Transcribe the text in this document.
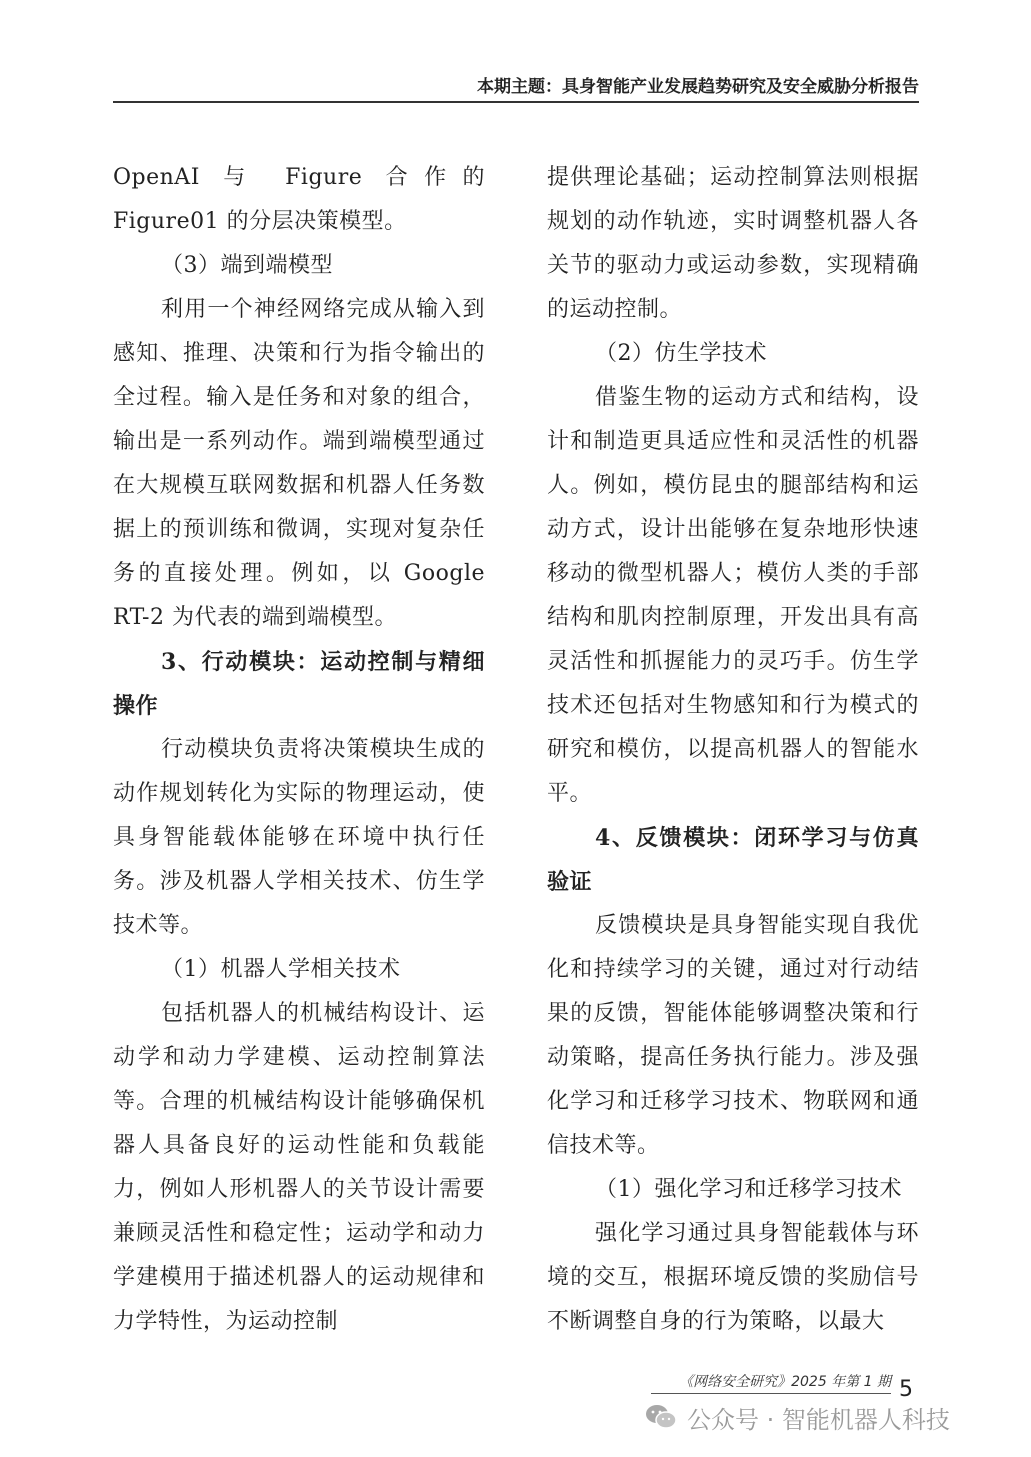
本期主题：具身智能产业发展趋势研究及安全威胁分析报告

OpenAI 与 Figure 合作的 Figure01 的分层决策模型。

（3）端到端模型

利用一个神经网络完成从输入到感知、推理、决策和行为指令输出的全过程。输入是任务和对象的组合，输出是一系列动作。端到端模型通过在大规模互联网数据和机器人任务数据上的预训练和微调，实现对复杂任务的直接处理。例如，以 Google RT-2 为代表的端到端模型。

3、行动模块：运动控制与精细操作

行动模块负责将决策模块生成的动作规划转化为实际的物理运动，使具身智能载体能够在环境中执行任务。涉及机器人学相关技术、仿生学技术等。

（1）机器人学相关技术

包括机器人的机械结构设计、运动学和动力学建模、运动控制算法等。合理的机械结构设计能够确保机器人具备良好的运动性能和负载能力，例如人形机器人的关节设计需要兼顾灵活性和稳定性；运动学和动力学建模用于描述机器人的运动规律和力学特性，为运动控制

提供理论基础；运动控制算法则根据规划的动作轨迹，实时调整机器人各关节的驱动力或运动参数，实现精确的运动控制。

（2）仿生学技术

借鉴生物的运动方式和结构，设计和制造更具适应性和灵活性的机器人。例如，模仿昆虫的腿部结构和运动方式，设计出能够在复杂地形快速移动的微型机器人；模仿人类的手部结构和肌肉控制原理，开发出具有高灵活性和抓握能力的灵巧手。仿生学技术还包括对生物感知和行为模式的研究和模仿，以提高机器人的智能水平。

4、反馈模块：闭环学习与仿真验证

反馈模块是具身智能实现自我优化和持续学习的关键，通过对行动结果的反馈，智能体能够调整决策和行动策略，提高任务执行能力。涉及强化学习和迁移学习技术、物联网和通信技术等。

（1）强化学习和迁移学习技术

强化学习通过具身智能载体与环境的交互，根据环境反馈的奖励信号不断调整自身的行为策略，以最大

《网络安全研究》2025 年第 1 期 5
公众号 · 智能机器人科技
